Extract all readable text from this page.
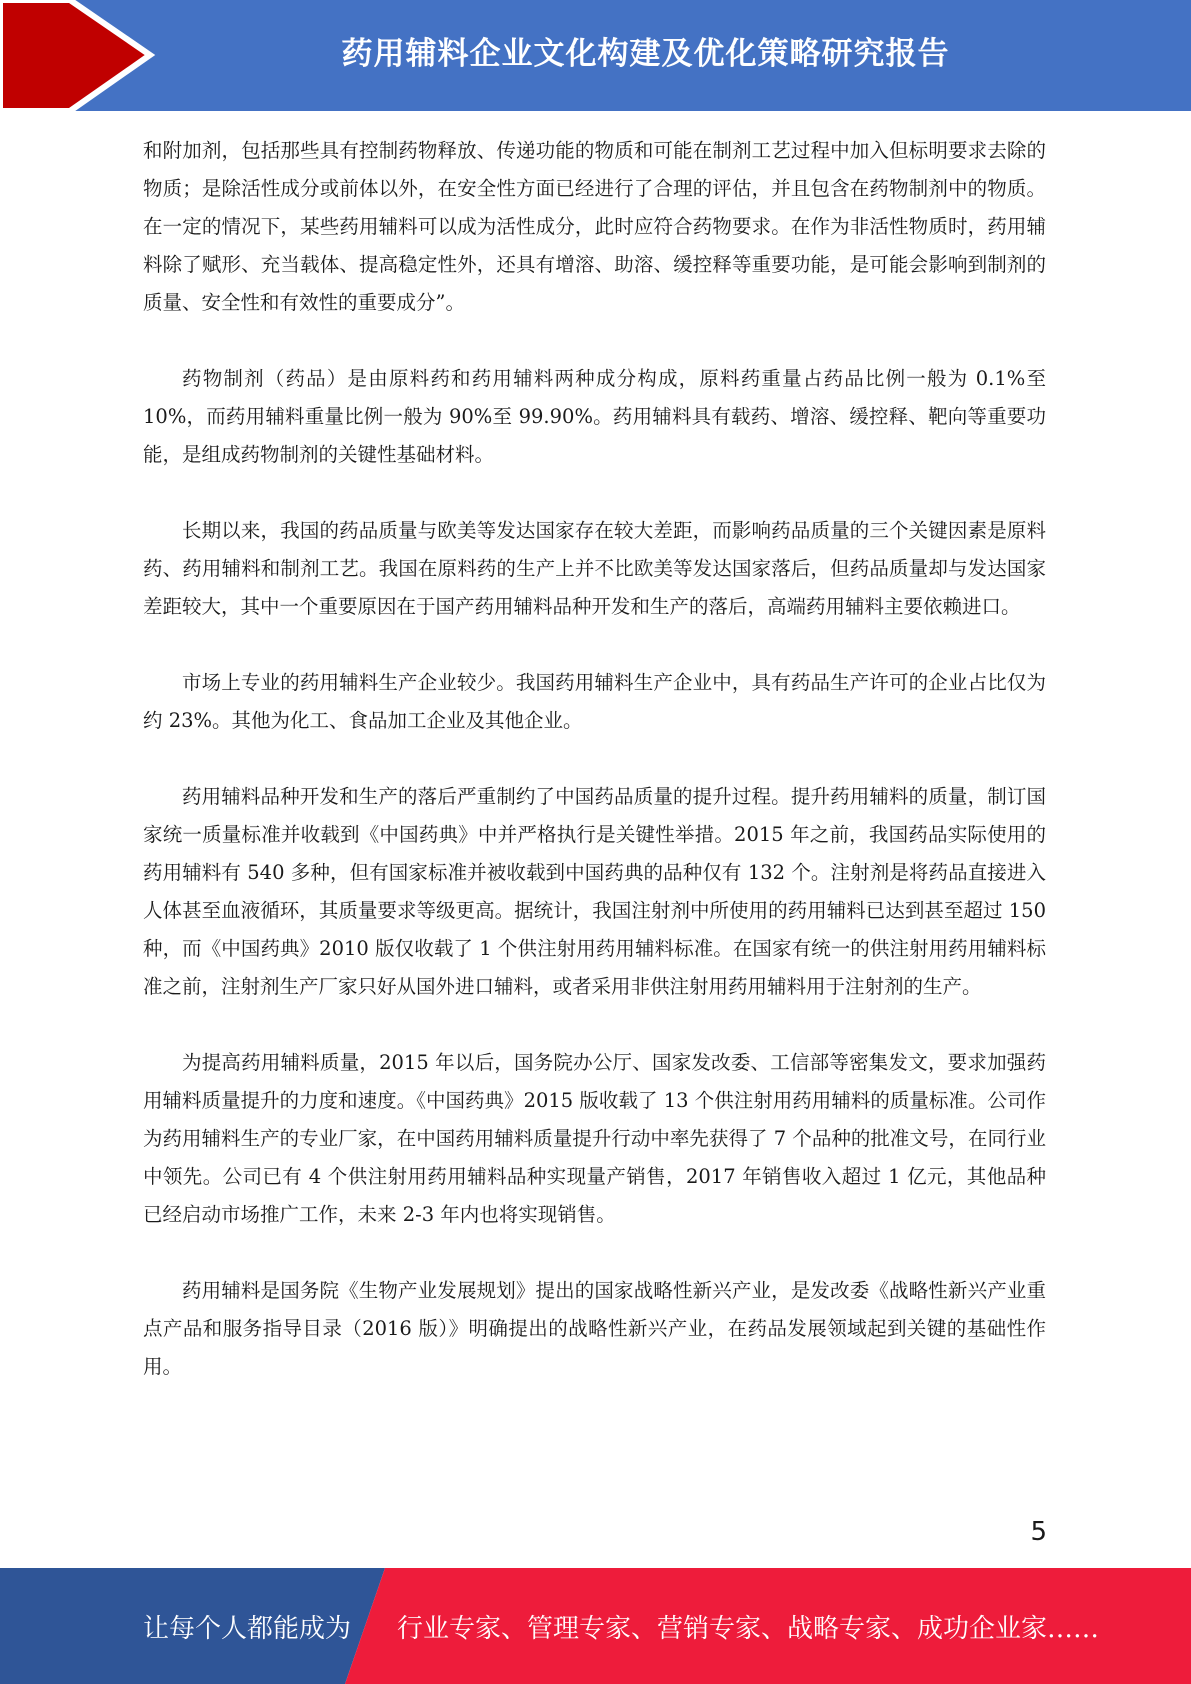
药用辅料企业文化构建及优化策略研究报告

和附加剂，包括那些具有控制药物释放、传递功能的物质和可能在制剂工艺过程中加入但标明要求去除的物质；是除活性成分或前体以外，在安全性方面已经进行了合理的评估，并且包含在药物制剂中的物质。在一定的情况下，某些药用辅料可以成为活性成分，此时应符合药物要求。在作为非活性物质时，药用辅料除了赋形、充当载体、提高稳定性外，还具有增溶、助溶、缓控释等重要功能，是可能会影响到制剂的质量、安全性和有效性的重要成分”。

药物制剂（药品）是由原料药和药用辅料两种成分构成，原料药重量占药品比例一般为 0.1%至 10%，而药用辅料重量比例一般为 90%至 99.90%。药用辅料具有载药、增溶、缓控释、靶向等重要功能，是组成药物制剂的关键性基础材料。

长期以来，我国的药品质量与欧美等发达国家存在较大差距，而影响药品质量的三个关键因素是原料药、药用辅料和制剂工艺。我国在原料药的生产上并不比欧美等发达国家落后，但药品质量却与发达国家差距较大，其中一个重要原因在于国产药用辅料品种开发和生产的落后，高端药用辅料主要依赖进口。

市场上专业的药用辅料生产企业较少。我国药用辅料生产企业中，具有药品生产许可的企业占比仅为约 23%。其他为化工、食品加工企业及其他企业。

药用辅料品种开发和生产的落后严重制约了中国药品质量的提升过程。提升药用辅料的质量，制订国家统一质量标准并收载到《中国药典》中并严格执行是关键性举措。2015 年之前，我国药品实际使用的药用辅料有 540 多种，但有国家标准并被收载到中国药典的品种仅有 132 个。注射剂是将药品直接进入人体甚至血液循环，其质量要求等级更高。据统计，我国注射剂中所使用的药用辅料已达到甚至超过 150 种，而《中国药典》2010 版仅收载了 1 个供注射用药用辅料标准。在国家有统一的供注射用药用辅料标准之前，注射剂生产厂家只好从国外进口辅料，或者采用非供注射用药用辅料用于注射剂的生产。

为提高药用辅料质量，2015 年以后，国务院办公厅、国家发改委、工信部等密集发文，要求加强药用辅料质量提升的力度和速度。《中国药典》2015 版收载了 13 个供注射用药用辅料的质量标准。公司作为药用辅料生产的专业厂家，在中国药用辅料质量提升行动中率先获得了 7 个品种的批准文号，在同行业中领先。公司已有 4 个供注射用药用辅料品种实现量产销售，2017 年销售收入超过 1 亿元，其他品种已经启动市场推广工作，未来 2-3 年内也将实现销售。

药用辅料是国务院《生物产业发展规划》提出的国家战略性新兴产业，是发改委《战略性新兴产业重点产品和服务指导目录（2016 版）》明确提出的战略性新兴产业，在药品发展领域起到关键的基础性作用。

5
让每个人都能成为 行业专家、管理专家、营销专家、战略专家、成功企业家……
